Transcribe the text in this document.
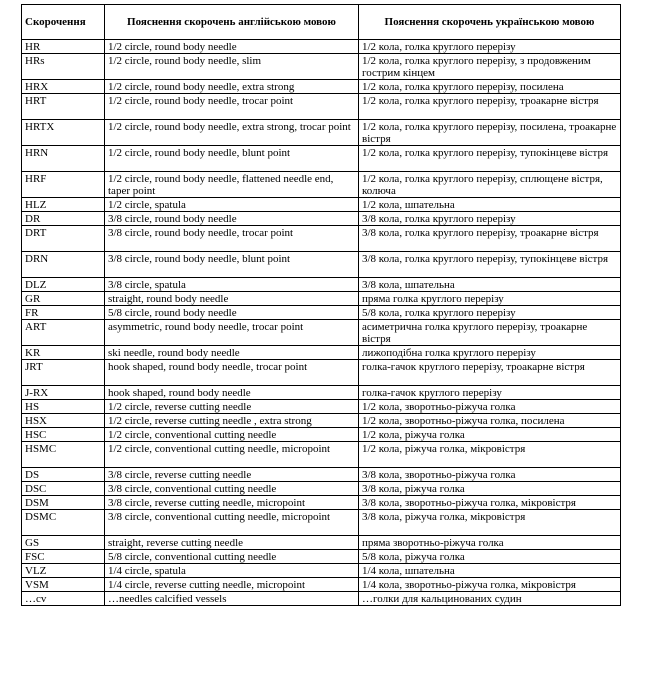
Скорочення	Пояснення скорочень англійською мовою	Пояснення скорочень українською мовою
HR	1/2 circle, round body needle	1/2 кола, голка круглого перерізу
HRs	1/2 circle, round body needle, slim	1/2 кола, голка круглого перерізу, з продовженим гострим кінцем
HRX	1/2 circle, round body needle, extra strong	1/2 кола, голка круглого перерізу, посилена
HRT	1/2 circle, round body needle, trocar point	1/2 кола, голка круглого перерізу, троакарне вістря
HRTX	1/2 circle, round body needle, extra strong, trocar point	1/2 кола, голка круглого перерізу, посилена, троакарне вістря
HRN	1/2 circle, round body needle, blunt point	1/2 кола, голка круглого перерізу, тупокінцеве вістря
HRF	1/2 circle, round body needle, flattened needle end, taper point	1/2 кола, голка круглого перерізу, сплющене вістря, колюча
HLZ	1/2 circle, spatula	1/2 кола, шпательна
DR	3/8 circle, round body needle	3/8 кола, голка круглого перерізу
DRT	3/8 circle, round body needle, trocar point	3/8 кола, голка круглого перерізу, троакарне вістря
DRN	3/8 circle, round body needle, blunt point	3/8 кола, голка круглого перерізу, тупокінцеве вістря
DLZ	3/8 circle, spatula	3/8 кола, шпательна
GR	straight, round body needle	пряма голка круглого перерізу
FR	5/8 circle, round body needle	5/8 кола, голка круглого перерізу
ART	asymmetric, round body needle, trocar point	асиметрична голка круглого перерізу, троакарне вістря
KR	ski needle, round body needle	лижоподібна голка круглого перерізу
JRT	hook shaped, round body needle, trocar point	голка-гачок круглого перерізу, троакарне вістря
J-RX	hook shaped, round body needle	голка-гачок круглого перерізу
HS	1/2 circle, reverse cutting needle	1/2 кола, зворотньо-ріжуча голка
HSX	1/2 circle, reverse cutting needle , extra strong	1/2 кола, зворотньо-ріжуча голка, посилена
HSC	1/2 circle, conventional cutting needle	1/2 кола, ріжуча голка
HSMC	1/2 circle, conventional cutting needle, micropoint	1/2 кола, ріжуча голка, мікровістря
DS	3/8 circle, reverse cutting needle	3/8 кола, зворотньо-ріжуча голка
DSC	3/8 circle, conventional cutting needle	3/8 кола, ріжуча голка
DSM	3/8 circle, reverse cutting needle, micropoint	3/8 кола, зворотньо-ріжуча голка, мікровістря
DSMC	3/8 circle, conventional cutting needle, micropoint	3/8 кола, ріжуча голка, мікровістря
GS	straight, reverse cutting needle	пряма зворотньо-ріжуча голка
FSC	5/8 circle, conventional cutting needle	5/8 кола, ріжуча голка
VLZ	1/4 circle, spatula	1/4 кола, шпательна
VSM	1/4 circle, reverse cutting needle, micropoint	1/4 кола, зворотньо-ріжуча голка, мікровістря
…cv	…needles calcified vessels	…голки для кальцинованих судин
